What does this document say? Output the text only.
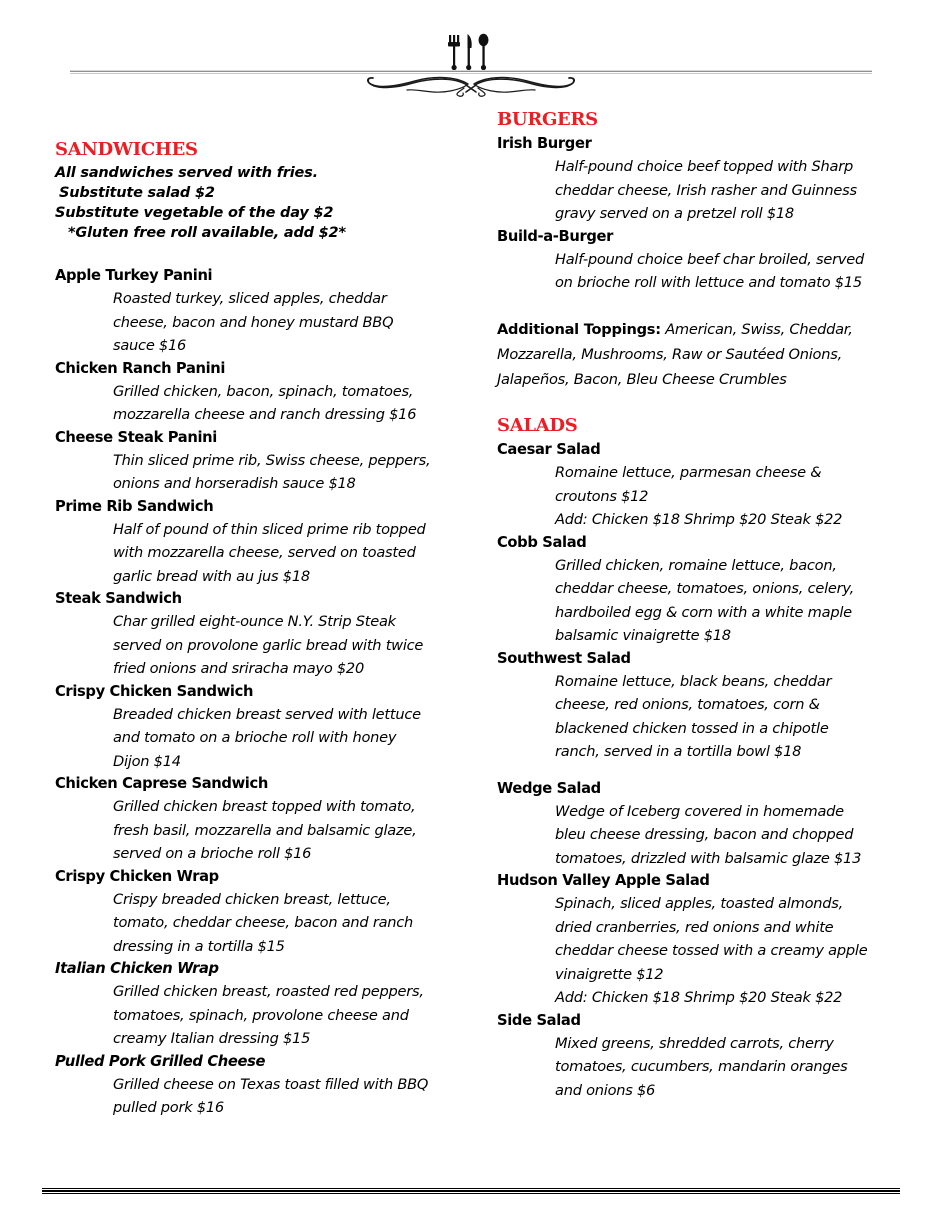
sandwiches
All sandwiches served with fries.
Substitute salad $2
Substitute vegetable of the day $2
*Gluten free roll available, add $2*
Apple Turkey Panini
Roasted turkey, sliced apples, cheddar
cheese, bacon and honey mustard BBQ
sauce $16
Chicken Ranch Panini
Grilled chicken, bacon, spinach, tomatoes,
mozzarella cheese and ranch dressing $16
Cheese Steak Panini
Thin sliced prime rib, Swiss cheese, peppers,
onions and horseradish sauce $18
Prime Rib Sandwich
Half of pound of thin sliced prime rib topped
with mozzarella cheese, served on toasted
garlic bread with au jus $18
Steak Sandwich
Char grilled eight-ounce N.Y. Strip Steak
served on provolone garlic bread with twice
fried onions and sriracha mayo $20
Crispy Chicken Sandwich
Breaded chicken breast served with lettuce
and tomato on a brioche roll with honey
Dijon $14
Chicken Caprese Sandwich
Grilled chicken breast topped with tomato,
fresh basil, mozzarella and balsamic glaze,
served on a brioche roll $16
Crispy Chicken Wrap
Crispy breaded chicken breast, lettuce,
tomato, cheddar cheese, bacon and ranch
dressing in a tortilla $15
Italian Chicken Wrap
Grilled chicken breast, roasted red peppers,
tomatoes, spinach, provolone cheese and
creamy Italian dressing $15
Pulled Pork Grilled Cheese
Grilled cheese on Texas toast filled with BBQ
pulled pork $16
burgers
Irish Burger
Half-pound choice beef topped with Sharp
cheddar cheese, Irish rasher and Guinness
gravy served on a pretzel roll $18
Build-a-Burger
Half-pound choice beef char broiled, served
on brioche roll with lettuce and tomato $15
Additional Toppings: American, Swiss, Cheddar,
Mozzarella, Mushrooms, Raw or Sautéed Onions,
Jalapeños, Bacon, Bleu Cheese Crumbles
salads
Caesar Salad
Romaine lettuce, parmesan cheese &
croutons $12
Add: Chicken $18 Shrimp $20 Steak $22
Cobb Salad
Grilled chicken, romaine lettuce, bacon,
cheddar cheese, tomatoes, onions, celery,
hardboiled egg & corn with a white maple
balsamic vinaigrette $18
Southwest Salad
Romaine lettuce, black beans, cheddar
cheese, red onions, tomatoes, corn &
blackened chicken tossed in a chipotle
ranch, served in a tortilla bowl $18
Wedge Salad
Wedge of Iceberg covered in homemade
bleu cheese dressing, bacon and chopped
tomatoes, drizzled with balsamic glaze $13
Hudson Valley Apple Salad
Spinach, sliced apples, toasted almonds,
dried cranberries, red onions and white
cheddar cheese tossed with a creamy apple
vinaigrette $12
Add: Chicken $18 Shrimp $20 Steak $22
Side Salad
Mixed greens, shredded carrots, cherry
tomatoes, cucumbers, mandarin oranges
and onions $6
